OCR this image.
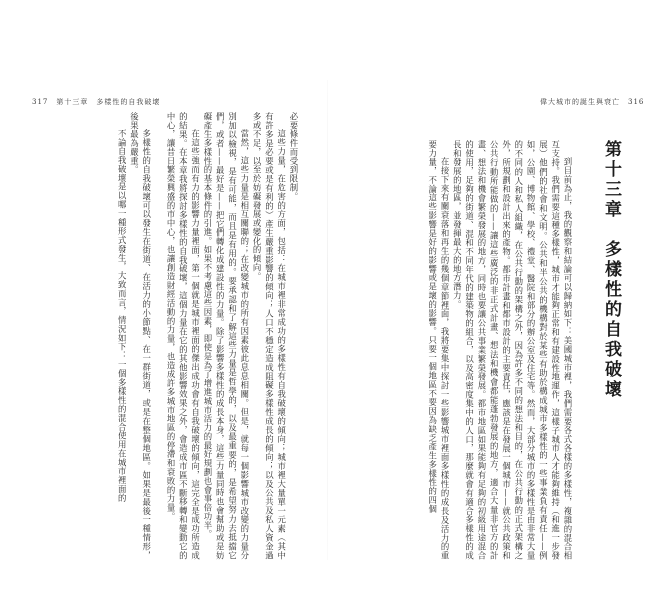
317　第十三章　多樣性的自我破壞

必要條件而受到限制。

這些力量，在危害的方面，包括：在城市裡非常成功的多樣性有自我破壞的傾向；城市裡大量單一元素（其中有許多是必要或是有利的）產生嚴重影響的傾向；人口不穩定造成阻礙多樣性成長的傾向；以及公共及私人資金過多或不足，以至於妨礙發展或變化的傾向。

當然，這些力量是相互關聯的；在改變城市的所有因素彼此息息相關。但是，就每一個影響城市改變的力量分別加以檢視，是有可能，而且是有用的。要承認和了解這些力量是哲學的，以及最重要的，是希望努力去抵擋它們，或者——最好是——把它們轉化成建設性的力量。除了影響多樣性的成長本身，這些力量同時也會幫助或是妨礙產生多樣性的基本條件的引進。如果不考慮這些因素，即使是為了增進城市活力的最好規劃也會事倍功半。

在這些強而有力的影響力量裡面，第一個就是城市裡面的傑出成功會有自我破壞的傾向，這完全是成功所造成的結果。在本章我將探討多樣性的自我破壞，這個力量在它的其他影響效果之外，會造成市區不斷移轉和變動它的中心，讓昔日繁榮興盛的市中心，也讓創造財經活動的力量，也造成許多城市地區的停滯和衰敗的力量。

多樣性的自我破壞可以發生在街道、在活力的小節點、在一群街道，或是在整個地區。如果是最後一種情形，後果最為嚴重。

不論自我破壞是以哪一種形式發生，大致而言，情況如下：一個多樣性的混合使用在城市裡面的

偉大城市的誕生與衰亡　316
第十三章　多樣性的自我破壞

到目前為止，我的觀察和結論可以歸納如下：美國城市裡，我們需要各式各樣的多樣性，複雜的混合相互支持。我們需要這種多樣性，城市才能夠正常和有建設性地運作，這樣子城市人才能夠維持（和進一步發展）他們的社會和文明。公共和半公共的機構對於某些有助於構成城市多樣性的一些事業負有責任——例如，公園、博物館、學校、禮堂、醫院和部分的辦公室及住宅等。然而，大部分城市的多樣性是由非常大量的不同的人和私人組織，在公共行動的架構之外，因為許多不同的想法和目的，在公共行動的正式架構之外，所規劃和設計出來的產物。都市計畫和都市設計的主要責任，應該是在發展一個城市——就公共政策和公共行動所能做的——讓這些廣泛的非正式計畫、想法和機會都能蓬勃發展的地方，適合大量非官方的計畫、想法和機會繁榮發展的地方，同時也要讓公共事業繁榮發展。都市地區如果能夠有足夠的初級用途混合的使用，足夠的街道、混和不同年代的建築物的組合，以及高密度集中的人口，那麼就會有適合多樣性的成長和發展的地區，並發揮最大的地方潛力。

在接下來有關衰落和再生的幾個章節裡面，我將要集中探討一些影響城市裡面多樣性的成長及活力的重要力量，不論這些影響是好的影響或是壞的影響。只要一個地區不要因為缺乏產生多樣性的四個
